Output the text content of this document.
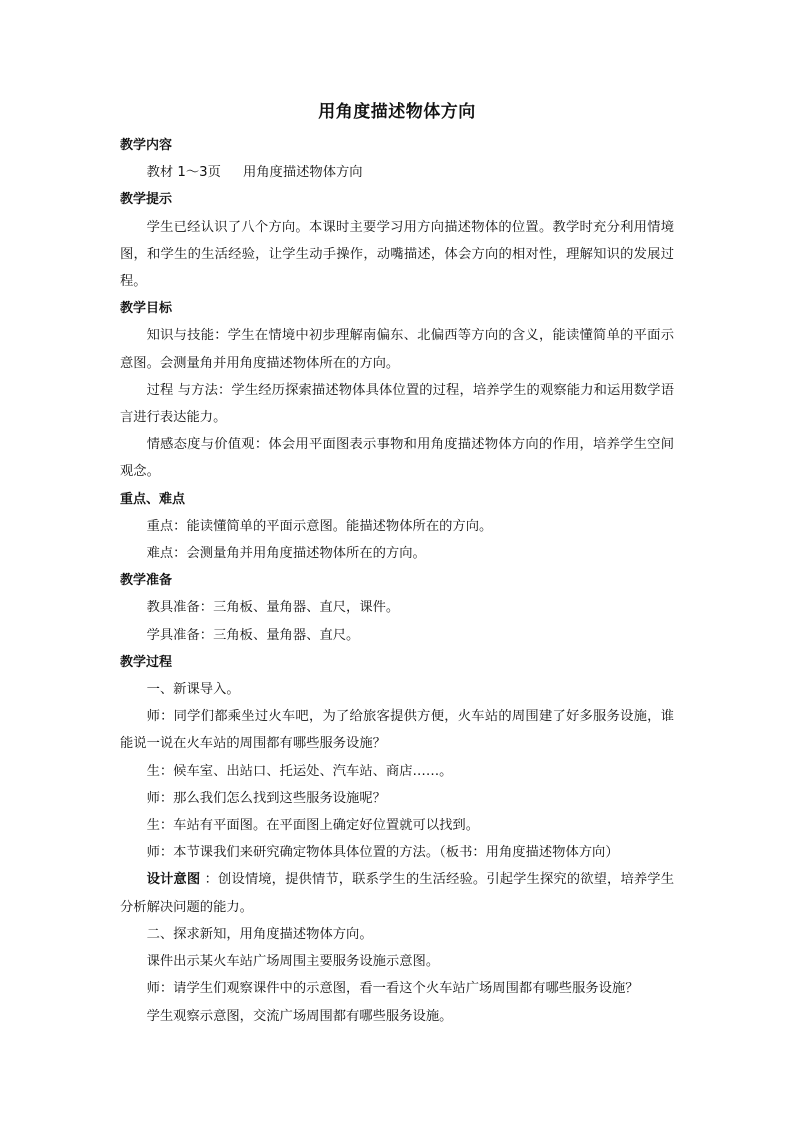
用角度描述物体方向
教学内容
教材 1～3页 用角度描述物体方向
教学提示
学生已经认识了八个方向。本课时主要学习用方向描述物体的位置。教学时充分利用情境图，和学生的生活经验，让学生动手操作，动嘴描述，体会方向的相对性，理解知识的发展过程。
教学目标
知识与技能：学生在情境中初步理解南偏东、北偏西等方向的含义，能读懂简单的平面示意图。会测量角并用角度描述物体所在的方向。
过程 与方法：学生经历探索描述物体具体位置的过程，培养学生的观察能力和运用数学语言进行表达能力。
情感态度与价值观：体会用平面图表示事物和用角度描述物体方向的作用，培养学生空间观念。
重点、难点
重点：能读懂简单的平面示意图。能描述物体所在的方向。
难点：会测量角并用角度描述物体所在的方向。
教学准备
教具准备：三角板、量角器、直尺，课件。
学具准备：三角板、量角器、直尺。
教学过程
一、新课导入。
师：同学们都乘坐过火车吧，为了给旅客提供方便，火车站的周围建了好多服务设施，谁能说一说在火车站的周围都有哪些服务设施？
生：候车室、出站口、托运处、汽车站、商店……。
师：那么我们怎么找到这些服务设施呢？
生：车站有平面图。在平面图上确定好位置就可以找到。
师：本节课我们来研究确定物体具体位置的方法。（板书：用角度描述物体方向）
设计意图 ：创设情境，提供情节，联系学生的生活经验。引起学生探究的欲望，培养学生分析解决问题的能力。
二、探求新知，用角度描述物体方向。
课件出示某火车站广场周围主要服务设施示意图。
师：请学生们观察课件中的示意图，看一看这个火车站广场周围都有哪些服务设施？
学生观察示意图，交流广场周围都有哪些服务设施。
